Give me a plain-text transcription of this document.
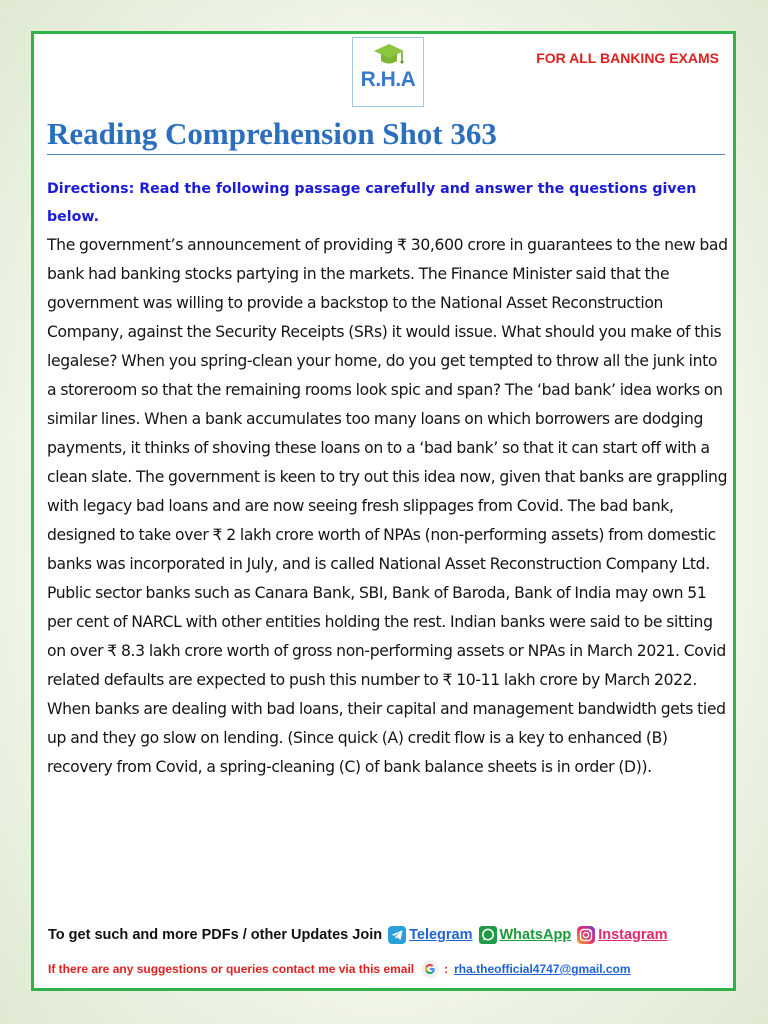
R.H.A
FOR ALL BANKING EXAMS
Reading Comprehension Shot 363

Directions: Read the following passage carefully and answer the questions given below.

The government’s announcement of providing ₹ 30,600 crore in guarantees to the new bad bank had banking stocks partying in the markets. The Finance Minister said that the government was willing to provide a backstop to the National Asset Reconstruction Company, against the Security Receipts (SRs) it would issue. What should you make of this legalese? When you spring-clean your home, do you get tempted to throw all the junk into a storeroom so that the remaining rooms look spic and span? The ‘bad bank’ idea works on similar lines. When a bank accumulates too many loans on which borrowers are dodging payments, it thinks of shoving these loans on to a ‘bad bank’ so that it can start off with a clean slate. The government is keen to try out this idea now, given that banks are grappling with legacy bad loans and are now seeing fresh slippages from Covid. The bad bank, designed to take over ₹ 2 lakh crore worth of NPAs (non-performing assets) from domestic banks was incorporated in July, and is called National Asset Reconstruction Company Ltd. Public sector banks such as Canara Bank, SBI, Bank of Baroda, Bank of India may own 51 per cent of NARCL with other entities holding the rest. Indian banks were said to be sitting on over ₹ 8.3 lakh crore worth of gross non-performing assets or NPAs in March 2021. Covid related defaults are expected to push this number to ₹ 10-11 lakh crore by March 2022. When banks are dealing with bad loans, their capital and management bandwidth gets tied up and they go slow on lending. (Since quick (A) credit flow is a key to enhanced (B) recovery from Covid, a spring-cleaning (C) of bank balance sheets is in order (D)).

To get such and more PDFs / other Updates Join Telegram WhatsApp Instagram
If there are any suggestions or queries contact me via this email	: rha.theofficial4747@gmail.com
